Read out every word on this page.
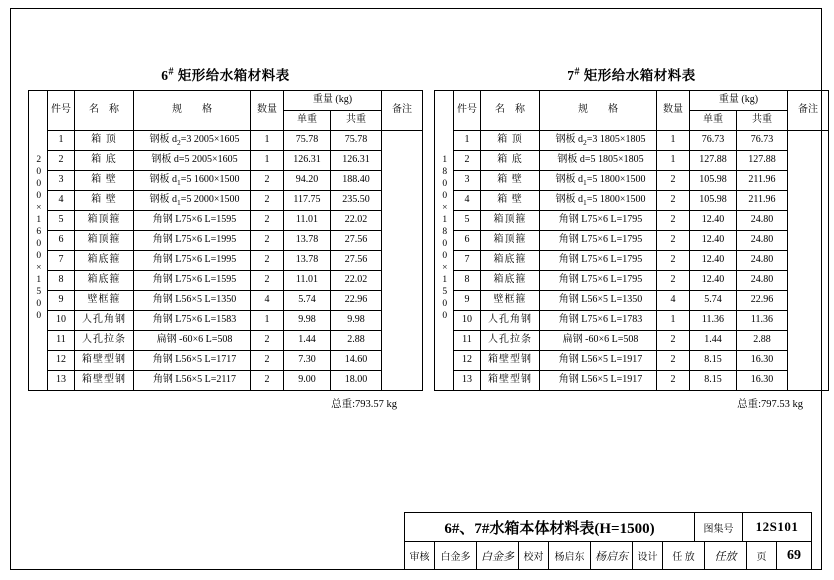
6# 矩形给水箱材料表
2000×1600×1500	件号	名　称	规　　格	数量	重量 (kg)		备注
					单重	共重	
	1	箱 顶	钢板 $d_2=3$ 2005×1605	1	75.78	75.78	
	2	箱 底	钢板 d=5 2005×1605	1	126.31	126.31	
	3	箱 壁	钢板 $d_1=5$ 1600×1500	2	94.20	188.40	
	4	箱 壁	钢板 $d_1=5$ 2000×1500	2	117.75	235.50	
	5	箱顶箍	角钢 L75×6 L=1595	2	11.01	22.02	
	6	箱顶箍	角钢 L75×6 L=1995	2	13.78	27.56	
	7	箱底箍	角钢 L75×6 L=1995	2	13.78	27.56	
	8	箱底箍	角钢 L75×6 L=1595	2	11.01	22.02	
	9	壁框箍	角钢 L56×5 L=1350	4	5.74	22.96	
	10	人孔角钢	角钢 L75×6 L=1583	1	9.98	9.98	
	11	人孔拉条	扁钢 -60×6 L=508	2	1.44	2.88	
	12	箱壁型钢	角钢 L56×5 L=1717	2	7.30	14.60	
	13	箱壁型钢	角钢 L56×5 L=2117	2	9.00	18.00	
总重:793.57 kg
7# 矩形给水箱材料表
1800×1800×1500	件号	名　称	规　　格	数量	重量 (kg)		备注
					单重	共重	
	1	箱 顶	钢板 $d_2=3$ 1805×1805	1	76.73	76.73	
	2	箱 底	钢板 d=5 1805×1805	1	127.88	127.88	
	3	箱 壁	钢板 $d_1=5$ 1800×1500	2	105.98	211.96	
	4	箱 壁	钢板 $d_1=5$ 1800×1500	2	105.98	211.96	
	5	箱顶箍	角钢 L75×6 L=1795	2	12.40	24.80	
	6	箱顶箍	角钢 L75×6 L=1795	2	12.40	24.80	
	7	箱底箍	角钢 L75×6 L=1795	2	12.40	24.80	
	8	箱底箍	角钢 L75×6 L=1795	2	12.40	24.80	
	9	壁框箍	角钢 L56×5 L=1350	4	5.74	22.96	
	10	人孔角钢	角钢 L75×6 L=1783	1	11.36	11.36	
	11	人孔拉条	扁钢 -60×6 L=508	2	1.44	2.88	
	12	箱壁型钢	角钢 L56×5 L=1917	2	8.15	16.30	
	13	箱壁型钢	角钢 L56×5 L=1917	2	8.15	16.30	
总重:797.53 kg
6#、7#水箱本体材料表(H=1500)	图集号	12S101
审核	白金多 白金多 校对	杨启东 杨启东 设计	任 放	任放	页	69
